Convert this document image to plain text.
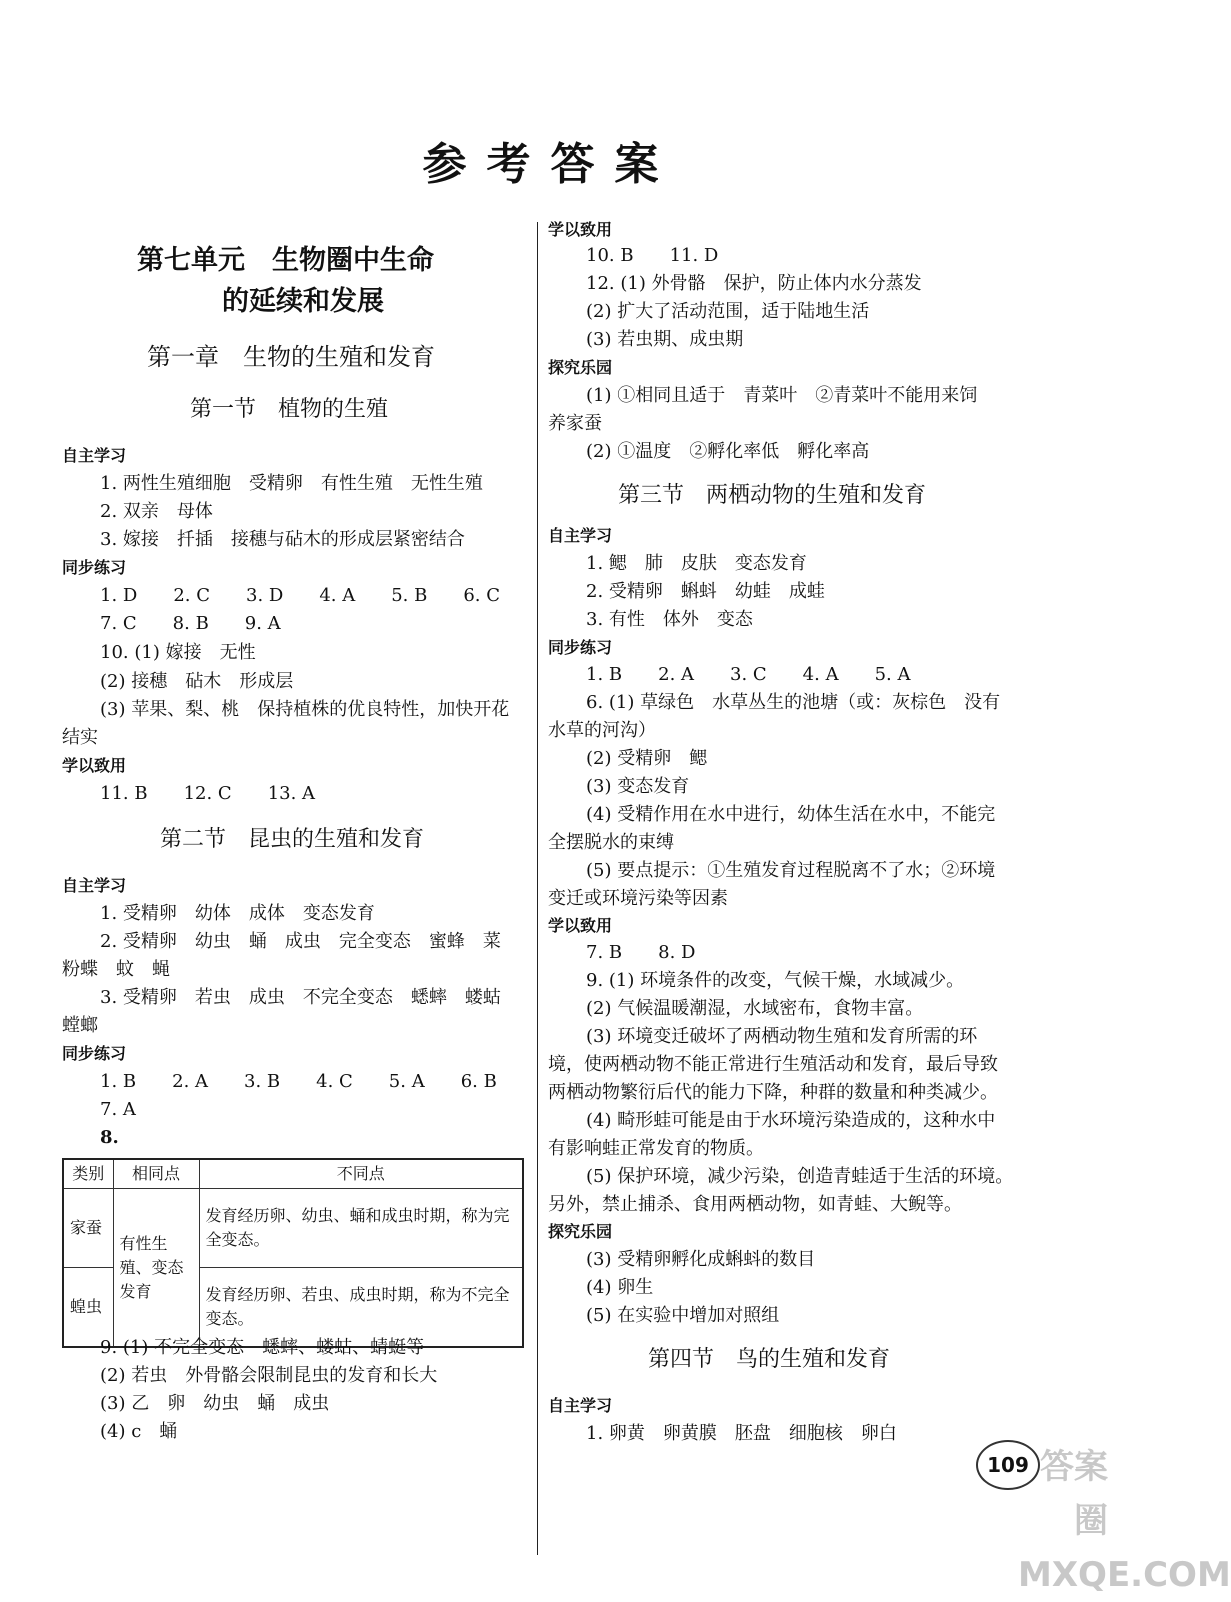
参考答案
第七单元　生物圈中生命
的延续和发展
第一章　生物的生殖和发育
第一节　植物的生殖
自主学习
1. 两性生殖细胞　受精卵　有性生殖　无性生殖
2. 双亲　母体
3. 嫁接　扦插　接穗与砧木的形成层紧密结合
同步练习
1. D　　2. C　　3. D　　4. A　　5. B　　6. C
7. C　　8. B　　9. A
10. (1) 嫁接　无性
(2) 接穗　砧木　形成层
(3) 苹果、梨、桃　保持植株的优良特性，加快开花
结实
学以致用
11. B　　12. C　　13. A
第二节　昆虫的生殖和发育
自主学习
1. 受精卵　幼体　成体　变态发育
2. 受精卵　幼虫　蛹　成虫　完全变态　蜜蜂　菜
粉蝶　蚊　蝇
3. 受精卵　若虫　成虫　不完全变态　蟋蟀　蝼蛄
螳螂
同步练习
1. B　　2. A　　3. B　　4. C　　5. A　　6. B
7. A
8.
类别	相同点	不同点
家蚕	有性生殖、变态发育	发育经历卵、幼虫、蛹和成虫时期，称为完全变态。
蝗虫		发育经历卵、若虫、成虫时期，称为不完全变态。
9. (1) 不完全变态　蟋蟀、蝼蛄、蜻蜓等
(2) 若虫　外骨骼会限制昆虫的发育和长大
(3) 乙　卵　幼虫　蛹　成虫
(4) c　蛹
学以致用
10. B　　11. D
12. (1) 外骨骼　保护，防止体内水分蒸发
(2) 扩大了活动范围，适于陆地生活
(3) 若虫期、成虫期
探究乐园
(1) ①相同且适于　青菜叶　②青菜叶不能用来饲
养家蚕
(2) ①温度　②孵化率低　孵化率高
第三节　两栖动物的生殖和发育
自主学习
1. 鳃　肺　皮肤　变态发育
2. 受精卵　蝌蚪　幼蛙　成蛙
3. 有性　体外　变态
同步练习
1. B　　2. A　　3. C　　4. A　　5. A
6. (1) 草绿色　水草丛生的池塘（或：灰棕色　没有
水草的河沟）
(2) 受精卵　鳃
(3) 变态发育
(4) 受精作用在水中进行，幼体生活在水中，不能完
全摆脱水的束缚
(5) 要点提示：①生殖发育过程脱离不了水；②环境
变迁或环境污染等因素
学以致用
7. B　　8. D
9. (1) 环境条件的改变，气候干燥，水域减少。
(2) 气候温暖潮湿，水域密布，食物丰富。
(3) 环境变迁破坏了两栖动物生殖和发育所需的环
境，使两栖动物不能正常进行生殖活动和发育，最后导致
两栖动物繁衍后代的能力下降，种群的数量和种类减少。
(4) 畸形蛙可能是由于水环境污染造成的，这种水中
有影响蛙正常发育的物质。
(5) 保护环境，减少污染，创造青蛙适于生活的环境。
另外，禁止捕杀、食用两栖动物，如青蛙、大鲵等。
探究乐园
(3) 受精卵孵化成蝌蚪的数目
(4) 卵生
(5) 在实验中增加对照组
第四节　鸟的生殖和发育
自主学习
1. 卵黄　卵黄膜　胚盘　细胞核　卵白
109 答案圈 MXQE.COM
